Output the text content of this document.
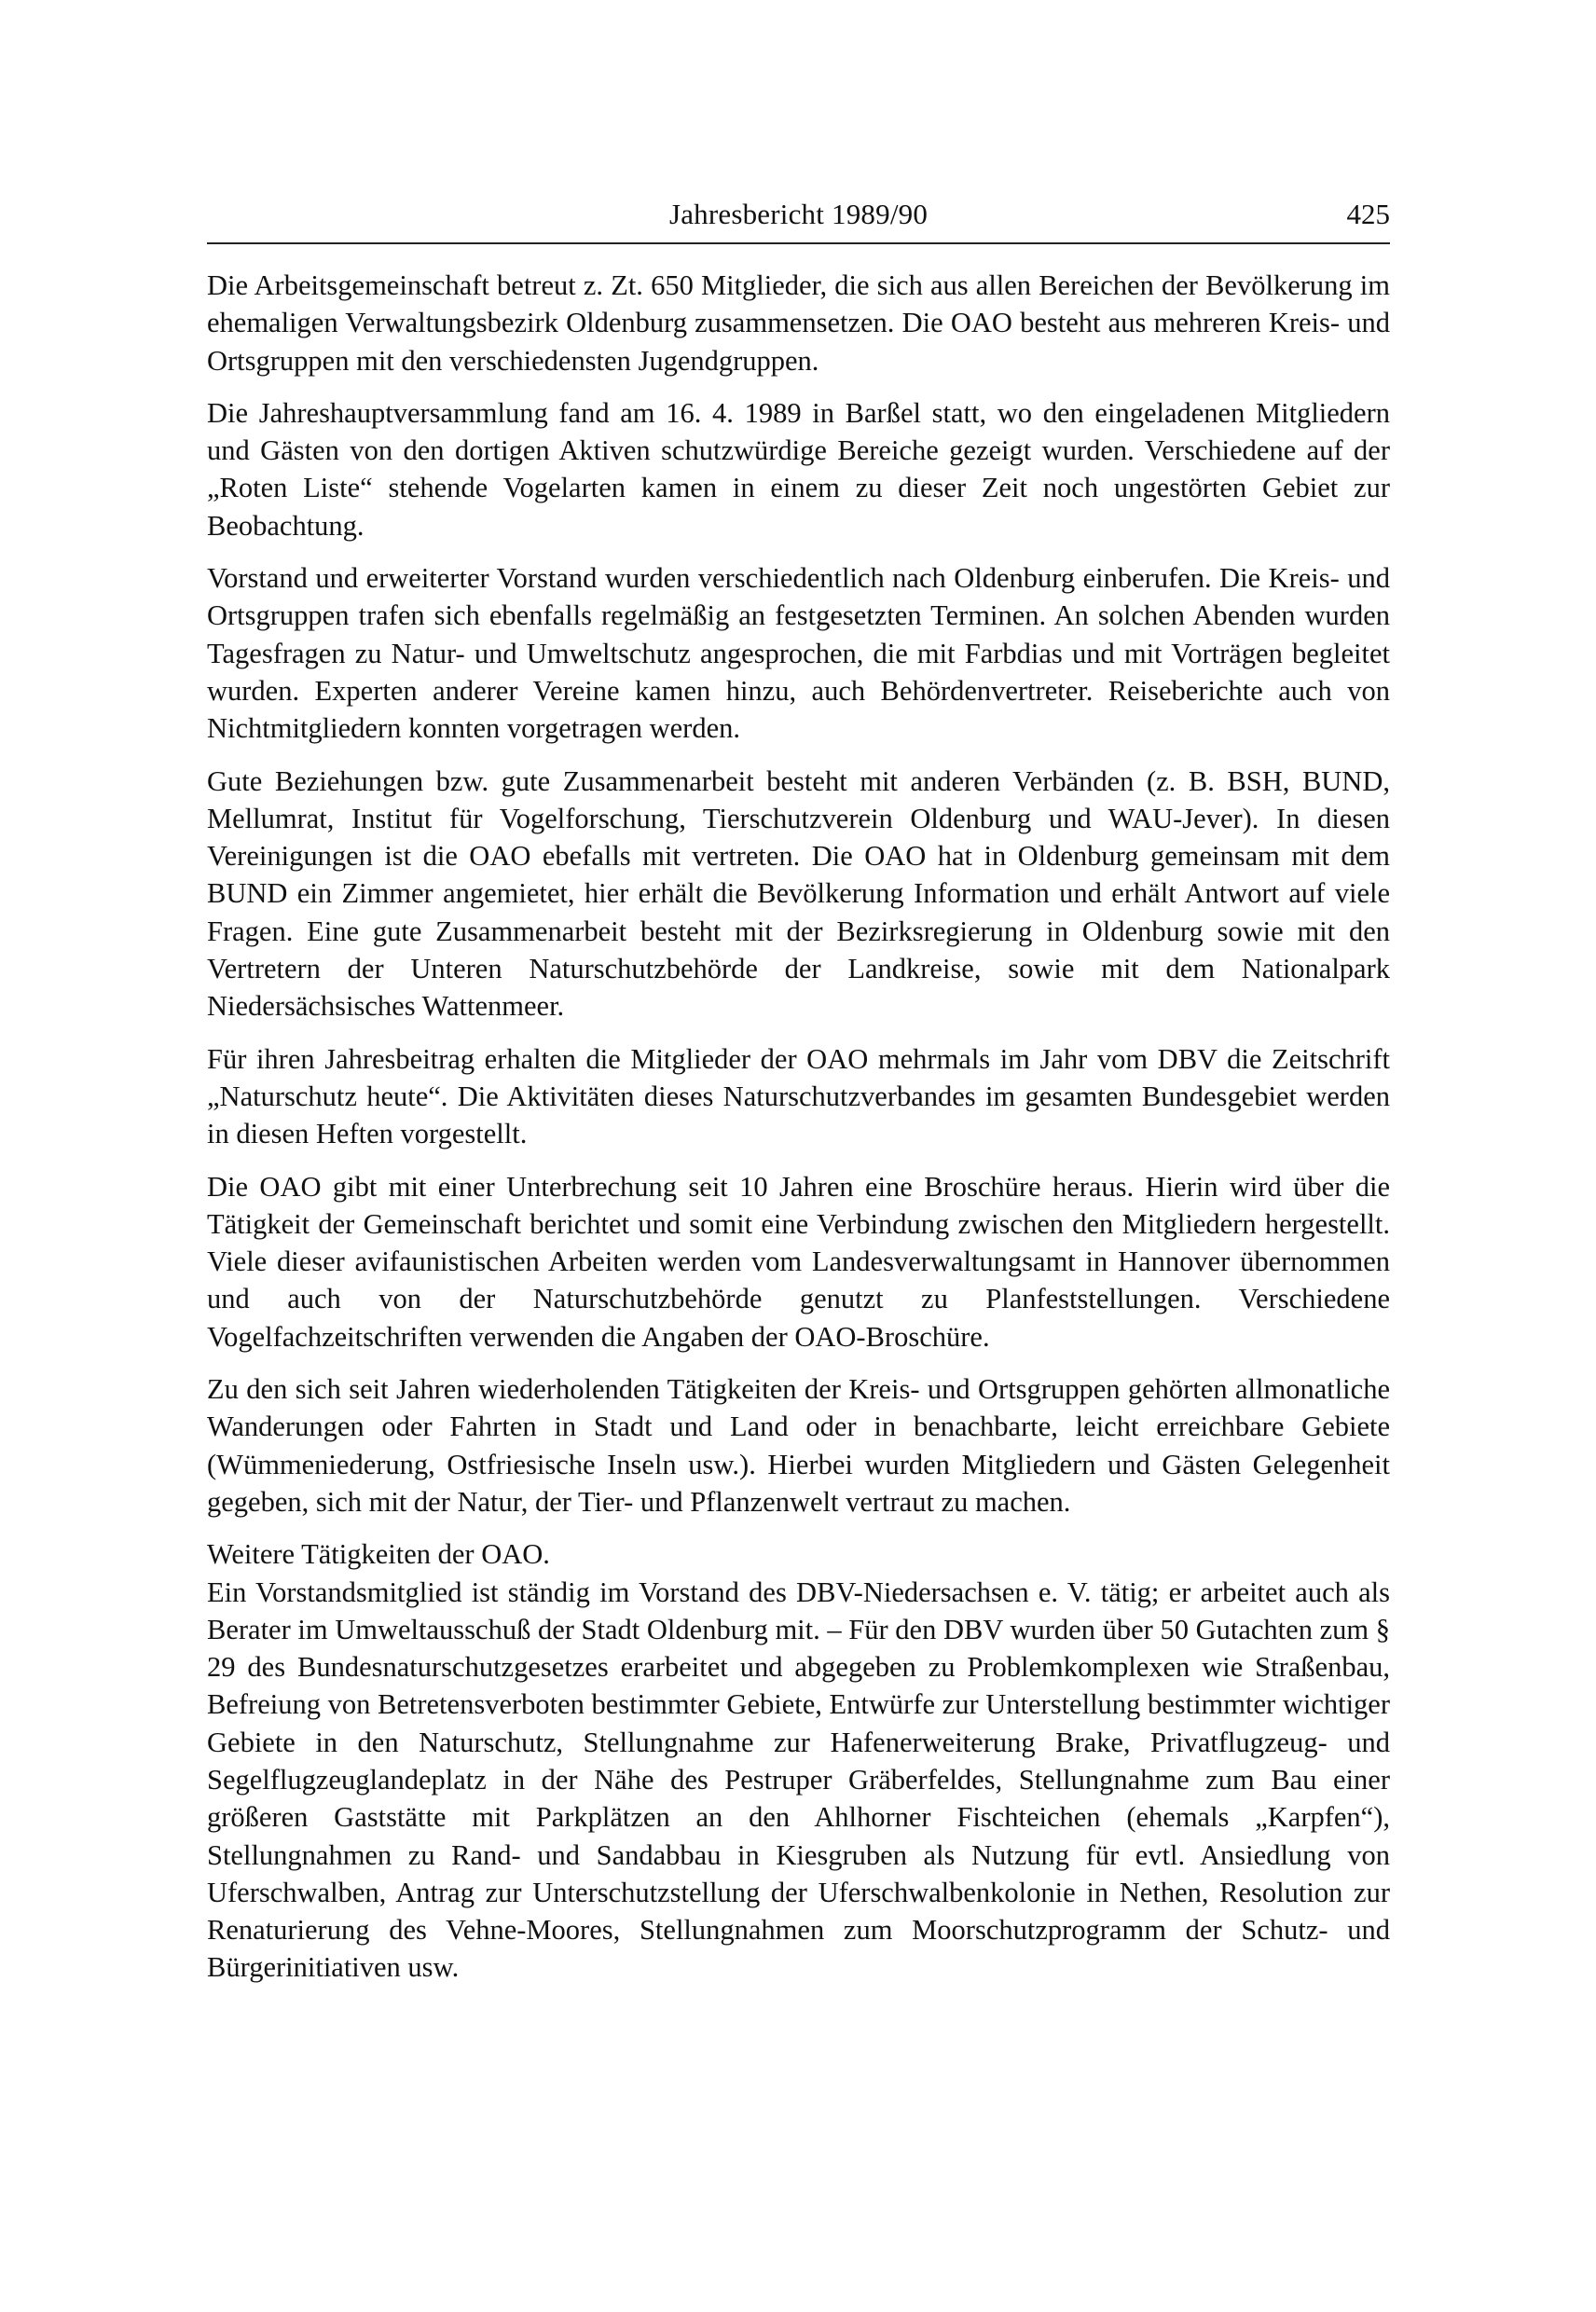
Jahresbericht 1989/90	425

Die Arbeitsgemeinschaft betreut z. Zt. 650 Mitglieder, die sich aus allen Bereichen der Bevölkerung im ehemaligen Verwaltungsbezirk Oldenburg zusammensetzen. Die OAO besteht aus mehreren Kreis- und Ortsgruppen mit den verschiedensten Jugendgruppen.

Die Jahreshauptversammlung fand am 16. 4. 1989 in Barßel statt, wo den eingeladenen Mitgliedern und Gästen von den dortigen Aktiven schutzwürdige Bereiche gezeigt wurden. Verschiedene auf der „Roten Liste“ stehende Vogelarten kamen in einem zu dieser Zeit noch ungestörten Gebiet zur Beobachtung.

Vorstand und erweiterter Vorstand wurden verschiedentlich nach Oldenburg einberufen. Die Kreis- und Ortsgruppen trafen sich ebenfalls regelmäßig an festgesetzten Terminen. An solchen Abenden wurden Tagesfragen zu Natur- und Umweltschutz angesprochen, die mit Farbdias und mit Vorträgen begleitet wurden. Experten anderer Vereine kamen hinzu, auch Behördenvertreter. Reiseberichte auch von Nichtmitgliedern konnten vorgetragen werden.

Gute Beziehungen bzw. gute Zusammenarbeit besteht mit anderen Verbänden (z. B. BSH, BUND, Mellumrat, Institut für Vogelforschung, Tierschutzverein Oldenburg und WAU-Jever). In diesen Vereinigungen ist die OAO ebefalls mit vertreten. Die OAO hat in Oldenburg gemeinsam mit dem BUND ein Zimmer angemietet, hier erhält die Bevölkerung Information und erhält Antwort auf viele Fragen. Eine gute Zusammenarbeit besteht mit der Bezirksregierung in Oldenburg sowie mit den Vertretern der Unteren Naturschutzbehörde der Landkreise, sowie mit dem Nationalpark Niedersächsisches Wattenmeer.

Für ihren Jahresbeitrag erhalten die Mitglieder der OAO mehrmals im Jahr vom DBV die Zeitschrift „Naturschutz heute“. Die Aktivitäten dieses Naturschutzverbandes im gesamten Bundesgebiet werden in diesen Heften vorgestellt.

Die OAO gibt mit einer Unterbrechung seit 10 Jahren eine Broschüre heraus. Hierin wird über die Tätigkeit der Gemeinschaft berichtet und somit eine Verbindung zwischen den Mitgliedern hergestellt. Viele dieser avifaunistischen Arbeiten werden vom Landesverwaltungsamt in Hannover übernommen und auch von der Naturschutzbehörde genutzt zu Planfeststellungen. Verschiedene Vogelfachzeitschriften verwenden die Angaben der OAO-Broschüre.

Zu den sich seit Jahren wiederholenden Tätigkeiten der Kreis- und Ortsgruppen gehörten allmonatliche Wanderungen oder Fahrten in Stadt und Land oder in benachbarte, leicht erreichbare Gebiete (Wümmeniederung, Ostfriesische Inseln usw.). Hierbei wurden Mitgliedern und Gästen Gelegenheit gegeben, sich mit der Natur, der Tier- und Pflanzenwelt vertraut zu machen.

Weitere Tätigkeiten der OAO.

Ein Vorstandsmitglied ist ständig im Vorstand des DBV-Niedersachsen e. V. tätig; er arbeitet auch als Berater im Umweltausschuß der Stadt Oldenburg mit. – Für den DBV wurden über 50 Gutachten zum § 29 des Bundesnaturschutzgesetzes erarbeitet und abgegeben zu Problemkomplexen wie Straßenbau, Befreiung von Betretensverboten bestimmter Gebiete, Entwürfe zur Unterstellung bestimmter wichtiger Gebiete in den Naturschutz, Stellungnahme zur Hafenerweiterung Brake, Privatflugzeug- und Segelflugzeuglandeplatz in der Nähe des Pestruper Gräberfeldes, Stellungnahme zum Bau einer größeren Gaststätte mit Parkplätzen an den Ahlhorner Fischteichen (ehemals „Karpfen“), Stellungnahmen zu Rand- und Sandabbau in Kiesgruben als Nutzung für evtl. Ansiedlung von Uferschwalben, Antrag zur Unterschutzstellung der Uferschwalbenkolonie in Nethen, Resolution zur Renaturierung des Vehne-Moores, Stellungnahmen zum Moorschutzprogramm der Schutz- und Bürgerinitiativen usw.
